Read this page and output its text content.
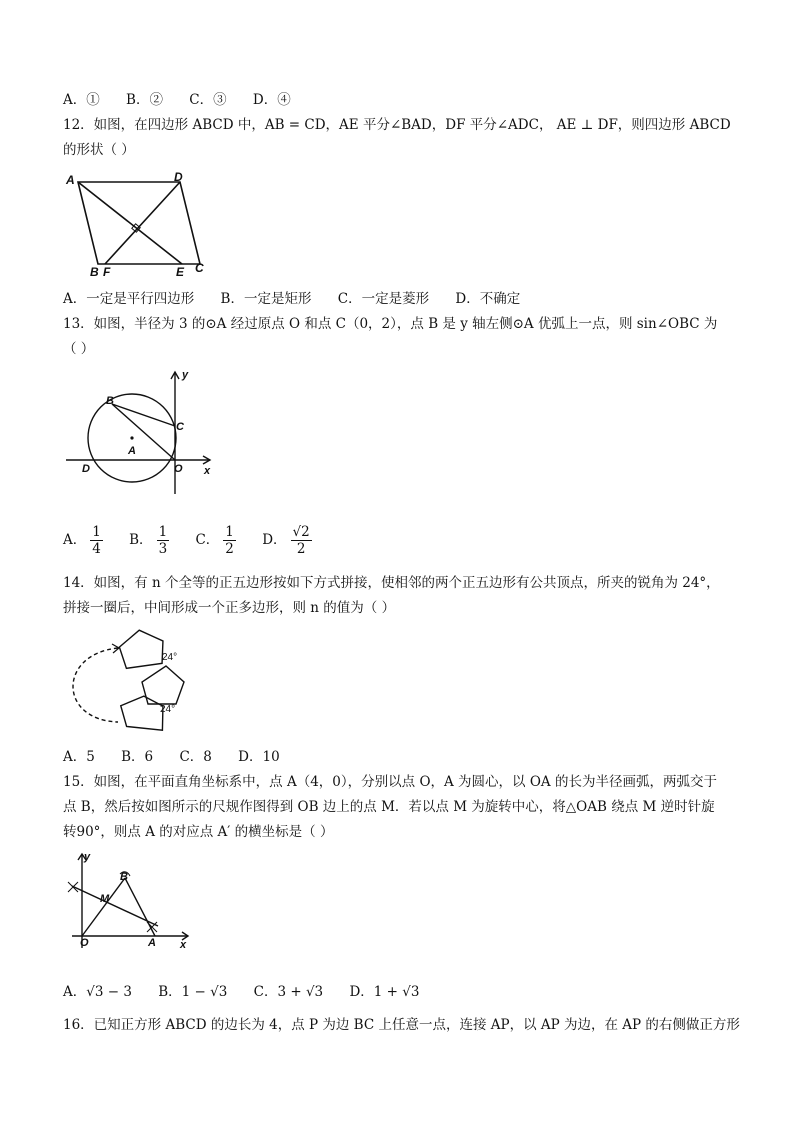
A．① B．② C．③ D．④
12．如图，在四边形 ABCD 中，AB = CD，AE 平分∠BAD，DF 平分∠ADC， AE ⊥ DF，则四边形 ABCD
的形状（ ）
A	D
B F	E C
A．一定是平行四边形 B．一定是矩形 C．一定是菱形 D．不确定
13．如图，半径为 3 的⊙A 经过原点 O 和点 C（0，2），点 B 是 y 轴左侧⊙A 优弧上一点，则 sin∠OBC 为
（ ）
y
x
B
C
A
D	O
A． $\frac{1}{4}$ B． $\frac{1}{3}$ C． $\frac{1}{2}$ D． $\frac{√2}{2}$
14．如图，有 n 个全等的正五边形按如下方式拼接，使相邻的两个正五边形有公共顶点，所夹的锐角为 24°，
拼接一圈后，中间形成一个正多边形，则 n 的值为（ ）
24°
24°
A．5 B．6 C．8 D．10
15．如图，在平面直角坐标系中，点 A（4，0），分别以点 O，A 为圆心，以 OA 的长为半径画弧，两弧交于
点 B，然后按如图所示的尺规作图得到 OB 边上的点 M．若以点 M 为旋转中心，将△OAB 绕点 M 逆时针旋
转90°，则点 A 的对应点 A′ 的横坐标是（ ）
y
x
B
M
O	A
A．√3 − 3 B．1 − √3 C．3 + √3 D．1 + √3
16．已知正方形 ABCD 的边长为 4，点 P 为边 BC 上任意一点，连接 AP，以 AP 为边，在 AP 的右侧做正方形
